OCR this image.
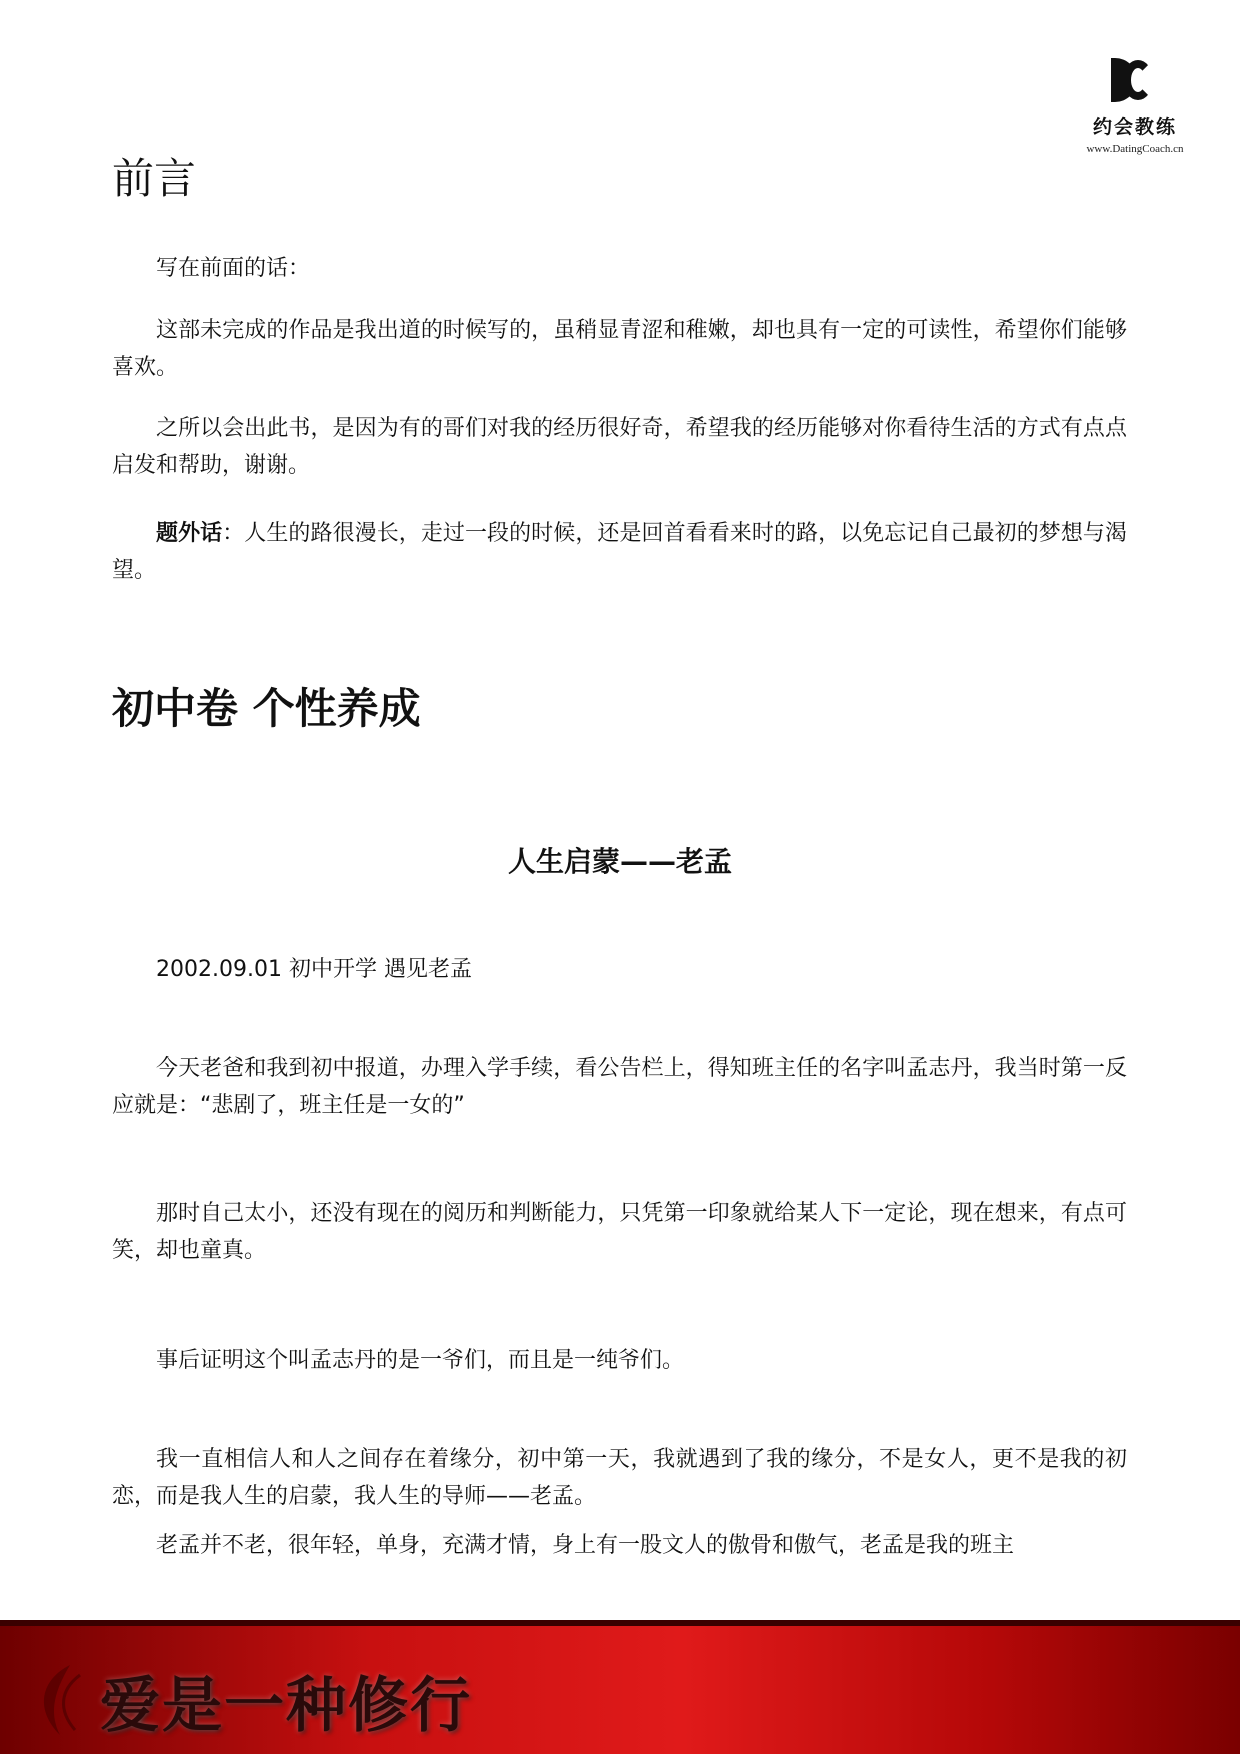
约会教练
www.DatingCoach.cn
前言

写在前面的话：

这部未完成的作品是我出道的时候写的，虽稍显青涩和稚嫩，却也具有一定的可读性，希望你们能够喜欢。

之所以会出此书，是因为有的哥们对我的经历很好奇，希望我的经历能够对你看待生活的方式有点点启发和帮助，谢谢。

题外话：人生的路很漫长，走过一段的时候，还是回首看看来时的路，以免忘记自己最初的梦想与渴望。

初中卷 个性养成
人生启蒙——老孟

2002.09.01 初中开学 遇见老孟

今天老爸和我到初中报道，办理入学手续，看公告栏上，得知班主任的名字叫孟志丹，我当时第一反应就是：“悲剧了，班主任是一女的”

那时自己太小，还没有现在的阅历和判断能力，只凭第一印象就给某人下一定论，现在想来，有点可笑，却也童真。

事后证明这个叫孟志丹的是一爷们，而且是一纯爷们。

我一直相信人和人之间存在着缘分，初中第一天，我就遇到了我的缘分，不是女人，更不是我的初恋，而是我人生的启蒙，我人生的导师——老孟。

老孟并不老，很年轻，单身，充满才情，身上有一股文人的傲骨和傲气，老孟是我的班主

爱是一种修行
